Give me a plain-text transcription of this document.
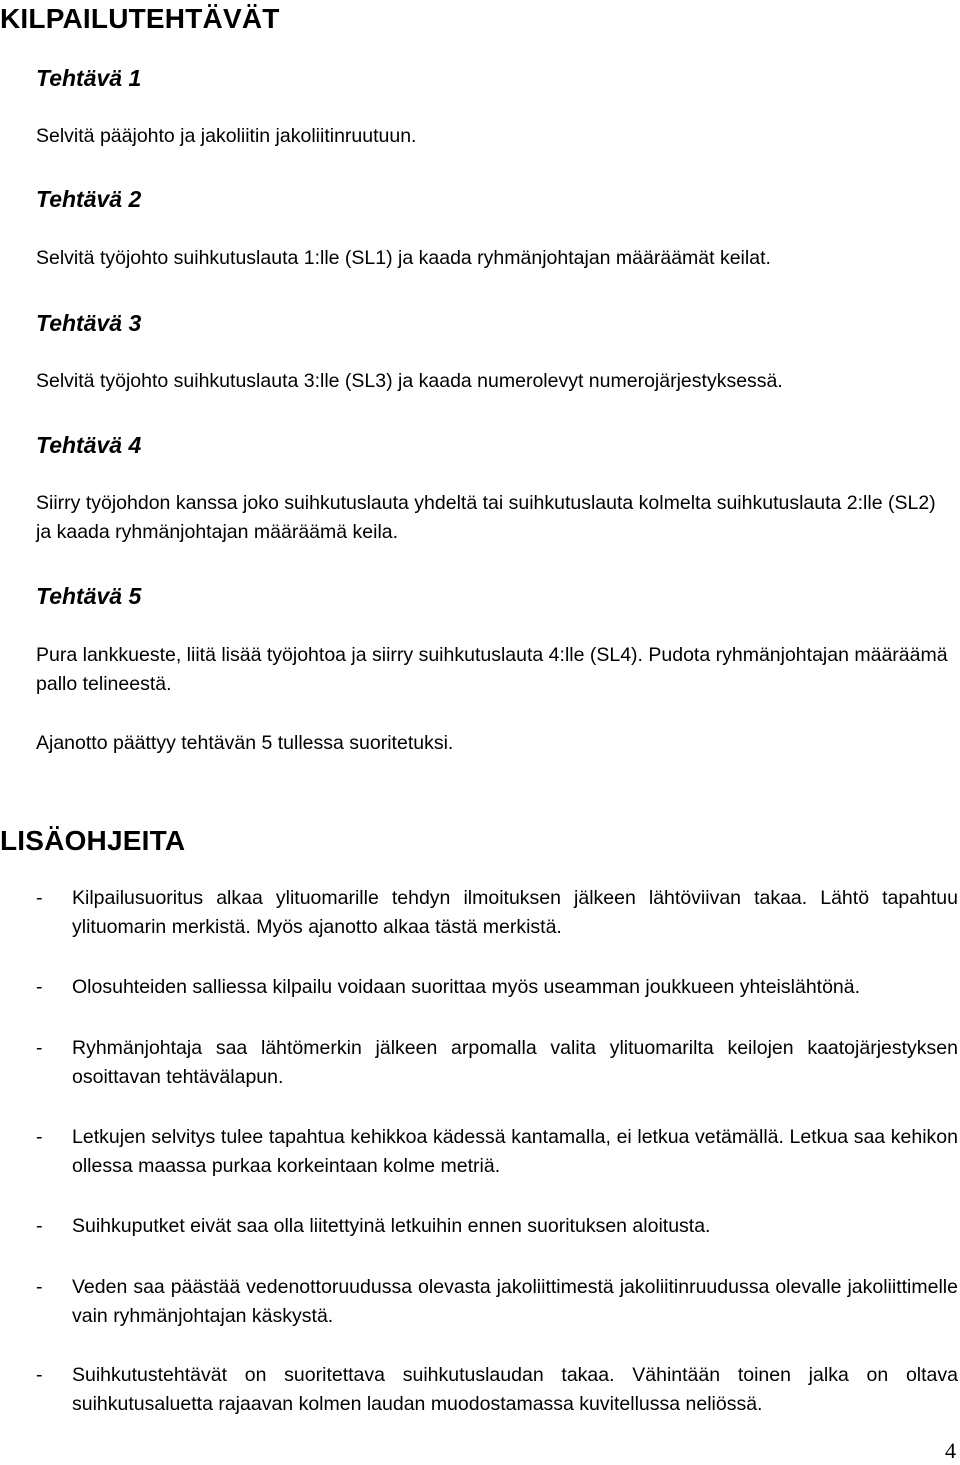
KILPAILUTEHTÄVÄT
Tehtävä 1

Selvitä pääjohto ja jakoliitin jakoliitinruutuun.

Tehtävä 2

Selvitä työjohto suihkutuslauta 1:lle (SL1) ja kaada ryhmänjohtajan määräämät keilat.

Tehtävä 3

Selvitä työjohto suihkutuslauta 3:lle (SL3) ja kaada numerolevyt numerojärjestyksessä.

Tehtävä 4

Siirry työjohdon kanssa joko suihkutuslauta yhdeltä tai suihkutuslauta kolmelta suihkutuslauta 2:lle (SL2) ja kaada ryhmänjohtajan määräämä keila.

Tehtävä 5

Pura lankkueste, liitä lisää työjohtoa ja siirry suihkutuslauta 4:lle (SL4). Pudota ryhmänjohtajan määräämä pallo telineestä.

Ajanotto päättyy tehtävän 5 tullessa suoritetuksi.

LISÄOHJEITA
- Kilpailusuoritus alkaa ylituomarille tehdyn ilmoituksen jälkeen lähtöviivan takaa. Lähtö tapahtuu ylituomarin merkistä. Myös ajanotto alkaa tästä merkistä.
- Olosuhteiden salliessa kilpailu voidaan suorittaa myös useamman joukkueen yhteislähtönä.
- Ryhmänjohtaja saa lähtömerkin jälkeen arpomalla valita ylituomarilta keilojen kaatojärjestyksen osoittavan tehtävälapun.
- Letkujen selvitys tulee tapahtua kehikkoa kädessä kantamalla, ei letkua vetämällä. Letkua saa kehikon ollessa maassa purkaa korkeintaan kolme metriä.
- Suihkuputket eivät saa olla liitettyinä letkuihin ennen suorituksen aloitusta.
- Veden saa päästää vedenottoruudussa olevasta jakoliittimestä jakoliitinruudussa olevalle jakoliittimelle vain ryhmänjohtajan käskystä.
- Suihkutustehtävät on suoritettava suihkutuslaudan takaa. Vähintään toinen jalka on oltava suihkutusaluetta rajaavan kolmen laudan muodostamassa kuvitellussa neliössä.
4
